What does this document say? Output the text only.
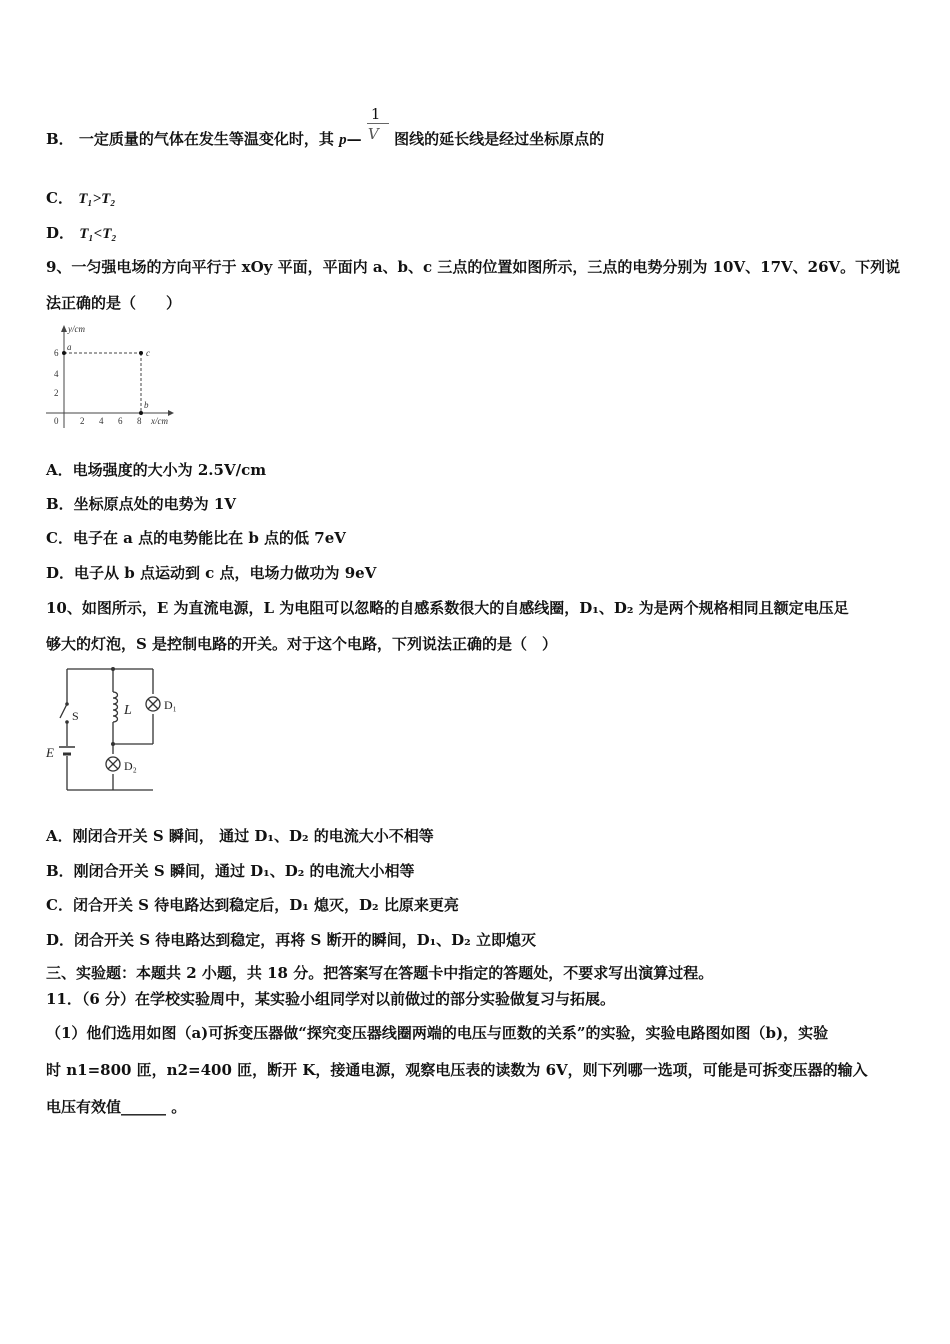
B． 一定质量的气体在发生等温变化时，其 p— $\frac{1}{V}$ 图线的延长线是经过坐标原点的
C． T₁>T₂
D． T₁<T₂
9、一匀强电场的方向平行于 xOy 平面，平面内 a、b、c 三点的位置如图所示，三点的电势分别为 10V、17V、26V。下列说
法正确的是（　　）
y/cm
x/cm
0 2 4 6 8
2
4
6
a
c
b
A．电场强度的大小为 2.5V/cm
B．坐标原点处的电势为 1V
C．电子在 a 点的电势能比在 b 点的低 7eV
D．电子从 b 点运动到 c 点，电场力做功为 9eV
10、如图所示，E 为直流电源，L 为电阻可以忽略的自感系数很大的自感线圈，D₁、D₂ 为是两个规格相同且额定电压足
够大的灯泡，S 是控制电路的开关。对于这个电路，下列说法正确的是（　）
S	L	D₁
D₂
E
A．刚闭合开关 S 瞬间， 通过 D₁、D₂ 的电流大小不相等
B．刚闭合开关 S 瞬间，通过 D₁、D₂ 的电流大小相等
C．闭合开关 S 待电路达到稳定后，D₁ 熄灭，D₂ 比原来更亮
D．闭合开关 S 待电路达到稳定，再将 S 断开的瞬间，D₁、D₂ 立即熄灭
三、实验题：本题共 2 小题，共 18 分。把答案写在答题卡中指定的答题处，不要求写出演算过程。
11．（6 分）在学校实验周中，某实验小组同学对以前做过的部分实验做复习与拓展。
（1）他们选用如图（a)可拆变压器做“探究变压器线圈两端的电压与匝数的关系”的实验，实验电路图如图（b)，实验
时 n1=800 匝，n2=400 匝，断开 K，接通电源，观察电压表的读数为 6V，则下列哪一选项，可能是可拆变压器的输入
电压有效值______ 。
